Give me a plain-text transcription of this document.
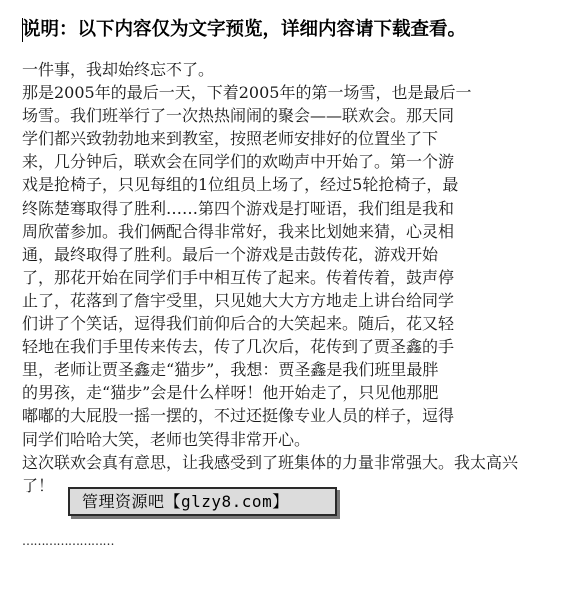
说明：以下内容仅为文字预览，详细内容请下载查看。
一件事，我却始终忘不了。
那是2005年的最后一天，下着2005年的第一场雪，也是最后一
场雪。我们班举行了一次热热闹闹的聚会——联欢会。那天同
学们都兴致勃勃地来到教室，按照老师安排好的位置坐了下
来，几分钟后，联欢会在同学们的欢呦声中开始了。第一个游
戏是抢椅子，只见每组的1位组员上场了，经过5轮抢椅子，最
终陈楚骞取得了胜利……第四个游戏是打哑语，我们组是我和
周欣蕾参加。我们俩配合得非常好，我来比划她来猜，心灵相
通，最终取得了胜利。最后一个游戏是击鼓传花，游戏开始
了，那花开始在同学们手中相互传了起来。传着传着，鼓声停
止了，花落到了詹宇受里，只见她大大方方地走上讲台给同学
们讲了个笑话，逗得我们前仰后合的大笑起来。随后，花又轻
轻地在我们手里传来传去，传了几次后，花传到了贾圣鑫的手
里，老师让贾圣鑫走“猫步”，我想：贾圣鑫是我们班里最胖
的男孩，走“猫步”会是什么样呀！他开始走了，只见他那肥
嘟嘟的大屁股一摇一摆的，不过还挺像专业人员的样子，逗得
同学们哈哈大笑，老师也笑得非常开心。
这次联欢会真有意思，让我感受到了班集体的力量非常强大。我太高兴
了！
管理资源吧【glzy8.com】
……………………
